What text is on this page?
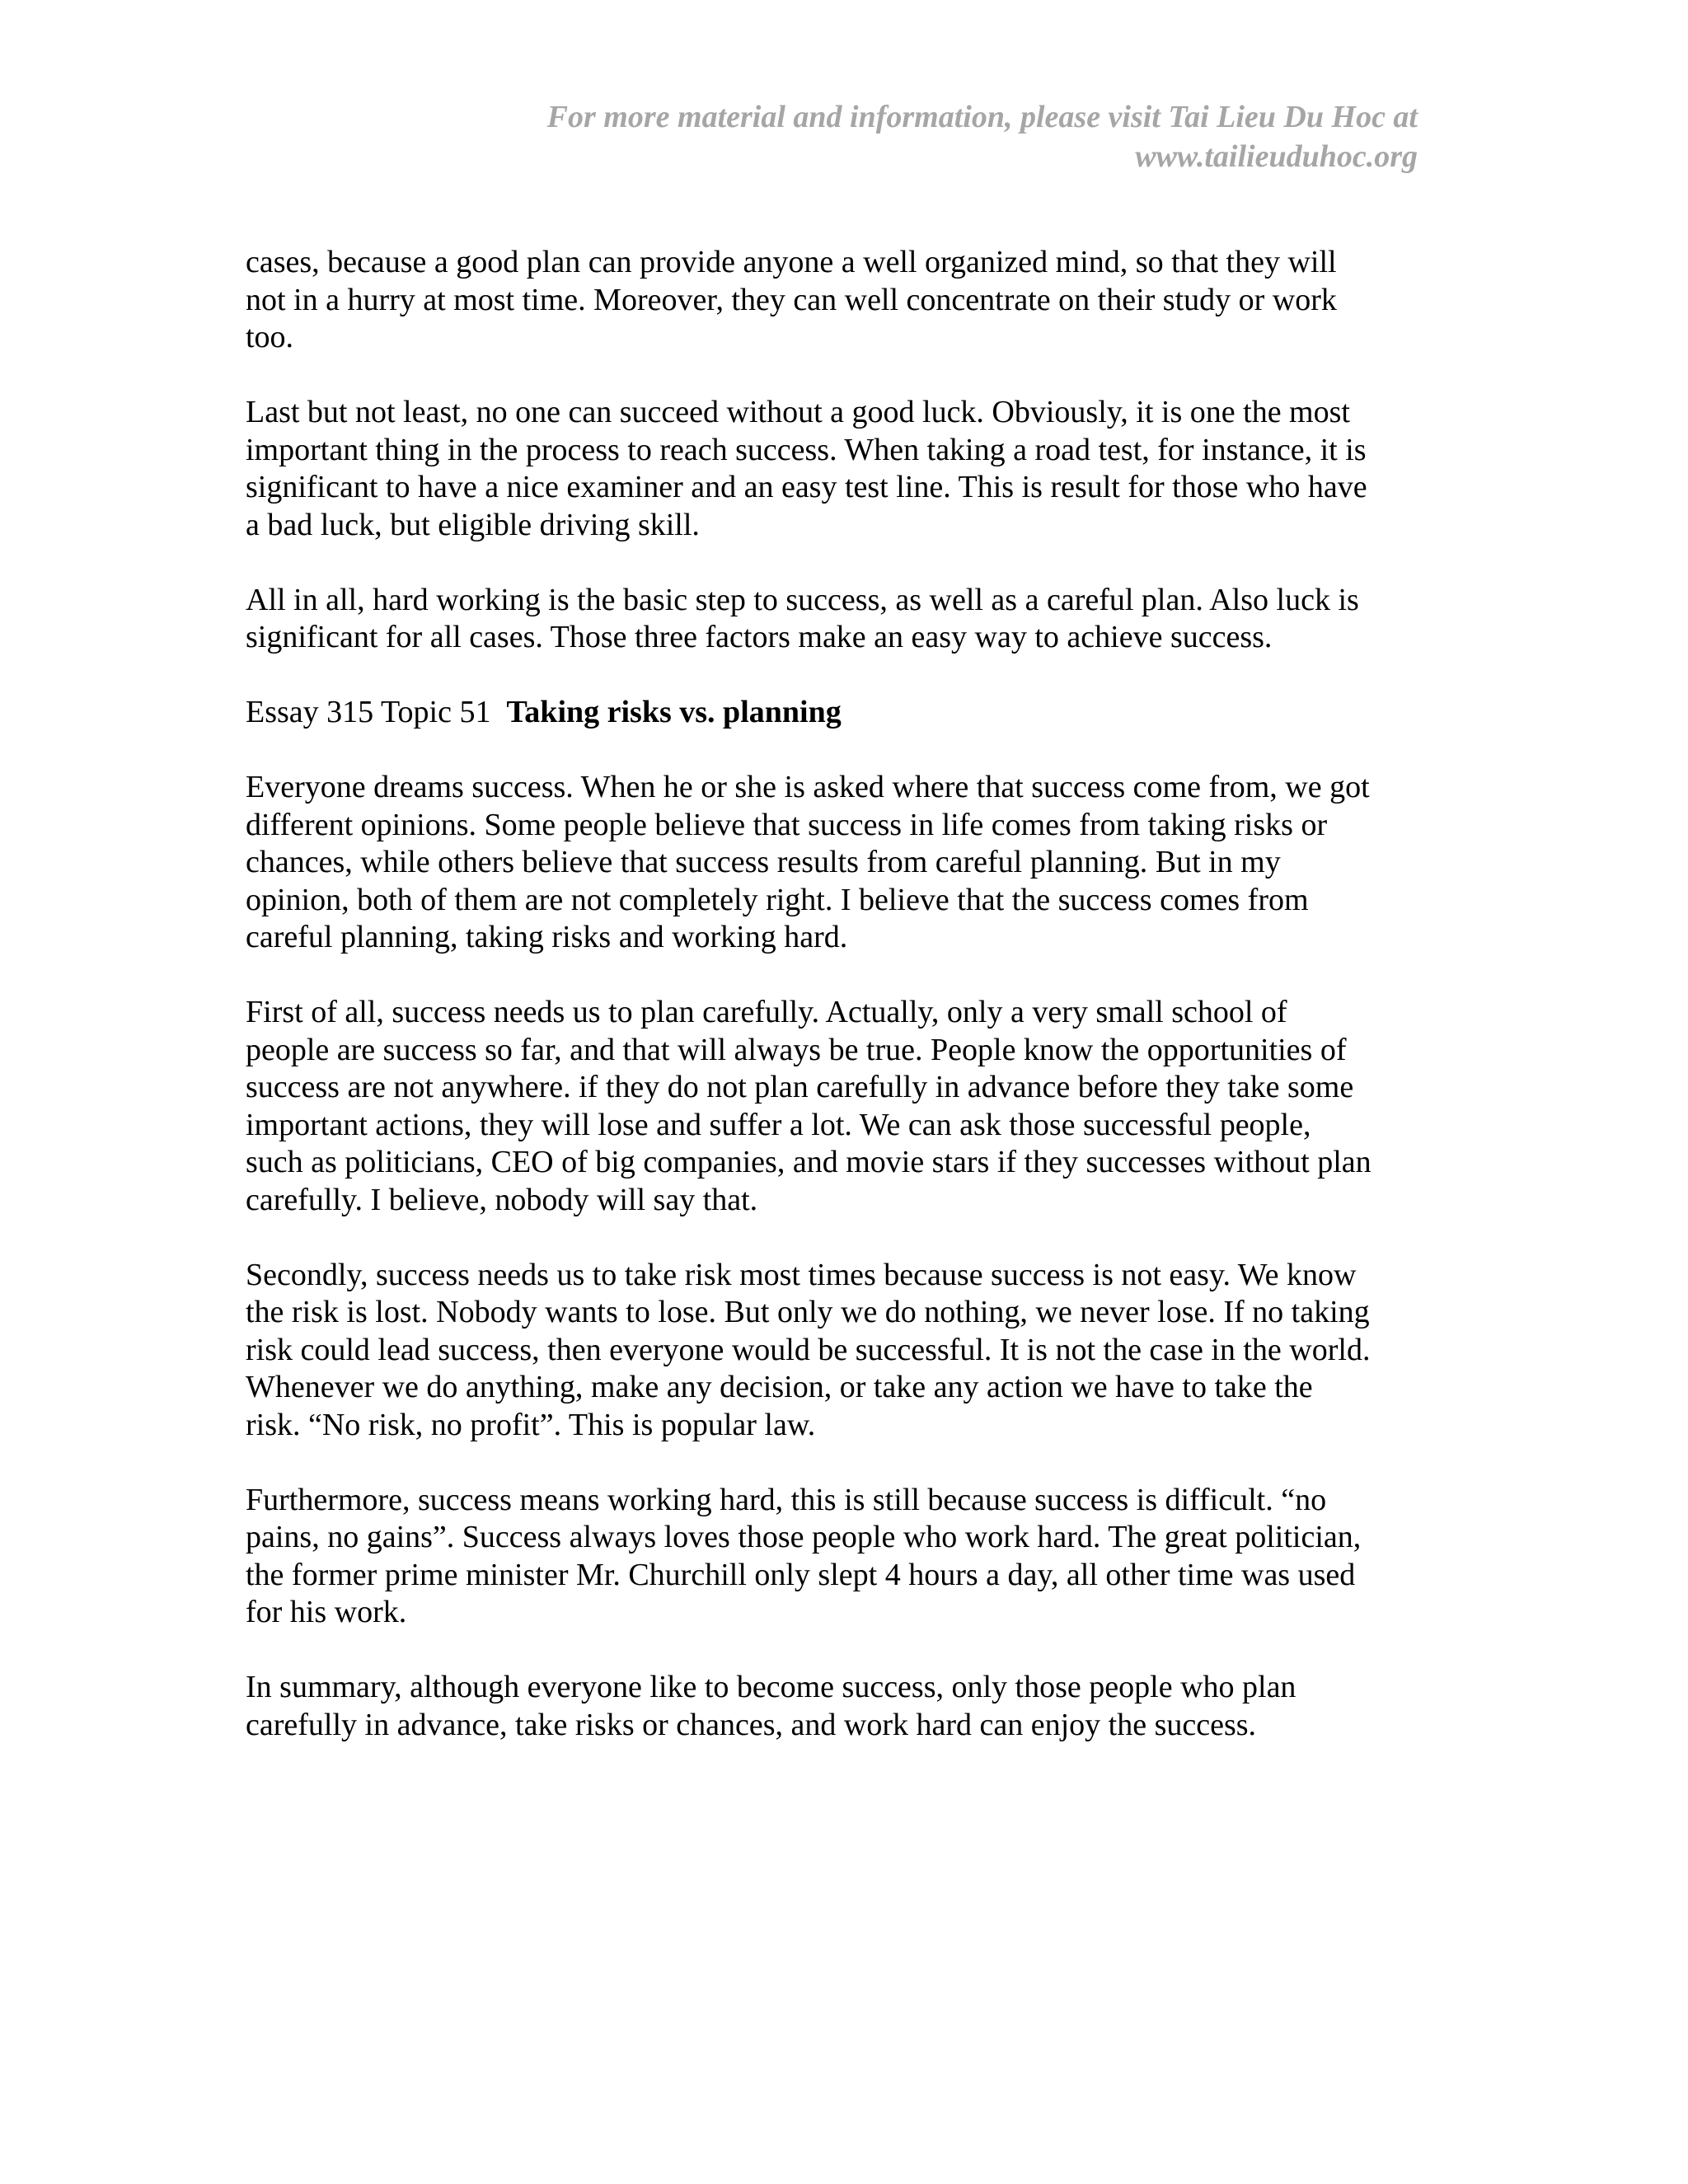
For more material and information, please visit Tai Lieu Du Hoc at
www.tailieuduhoc.org
cases, because a good plan can provide anyone a well organized mind, so that they will
not in a hurry at most time. Moreover, they can well concentrate on their study or work
too.
Last but not least, no one can succeed without a good luck. Obviously, it is one the most
important thing in the process to reach success. When taking a road test, for instance, it is
significant to have a nice examiner and an easy test line. This is result for those who have
a bad luck, but eligible driving skill.
All in all, hard working is the basic step to success, as well as a careful plan. Also luck is
significant for all cases. Those three factors make an easy way to achieve success.
Essay 315 Topic 51 Taking risks vs. planning
Everyone dreams success. When he or she is asked where that success come from, we got
different opinions. Some people believe that success in life comes from taking risks or
chances, while others believe that success results from careful planning. But in my
opinion, both of them are not completely right. I believe that the success comes from
careful planning, taking risks and working hard.
First of all, success needs us to plan carefully. Actually, only a very small school of
people are success so far, and that will always be true. People know the opportunities of
success are not anywhere. if they do not plan carefully in advance before they take some
important actions, they will lose and suffer a lot. We can ask those successful people,
such as politicians, CEO of big companies, and movie stars if they successes without plan
carefully. I believe, nobody will say that.
Secondly, success needs us to take risk most times because success is not easy. We know
the risk is lost. Nobody wants to lose. But only we do nothing, we never lose. If no taking
risk could lead success, then everyone would be successful. It is not the case in the world.
Whenever we do anything, make any decision, or take any action we have to take the
risk. “No risk, no profit”. This is popular law.
Furthermore, success means working hard, this is still because success is difficult. “no
pains, no gains”. Success always loves those people who work hard. The great politician,
the former prime minister Mr. Churchill only slept 4 hours a day, all other time was used
for his work.
In summary, although everyone like to become success, only those people who plan
carefully in advance, take risks or chances, and work hard can enjoy the success.
